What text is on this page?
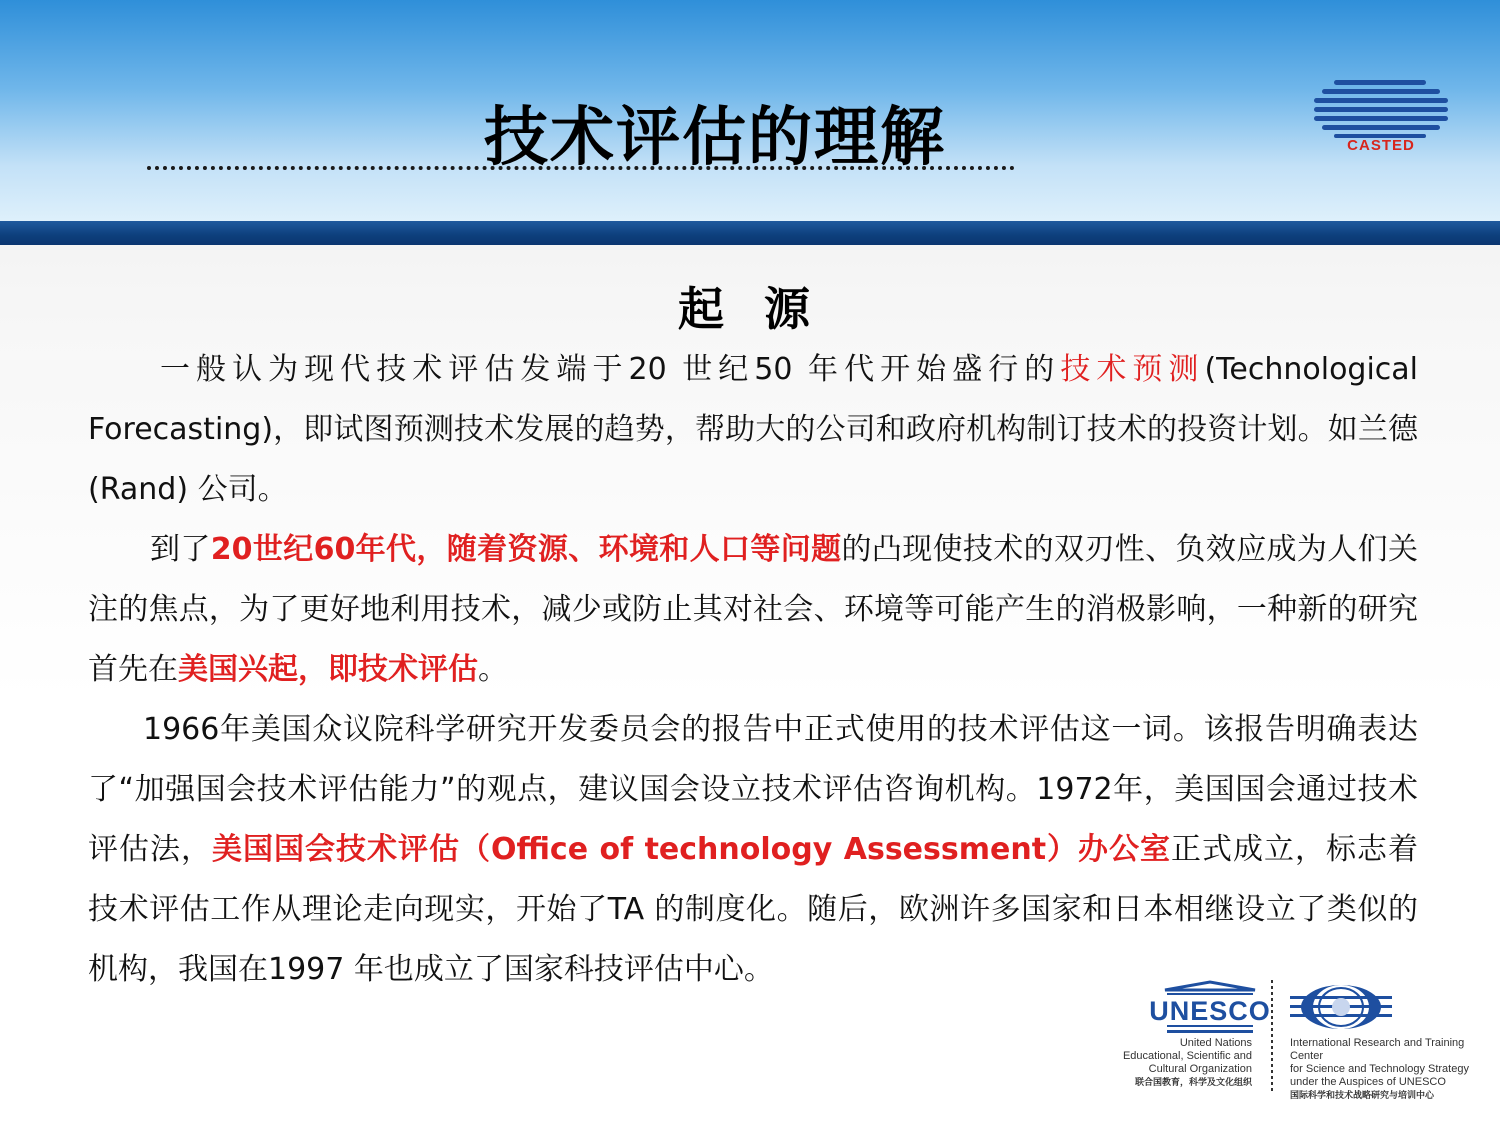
技术评估的理解	CASTED
起 源

一般认为现代技术评估发端于20 世纪50 年代开始盛行的技术预测(Technological Forecasting)，即试图预测技术发展的趋势，帮助大的公司和政府机构制订技术的投资计划。如兰德(Rand) 公司。

到了20世纪60年代，随着资源、环境和人口等问题的凸现使技术的双刃性、负效应成为人们关注的焦点，为了更好地利用技术，减少或防止其对社会、环境等可能产生的消极影响，一种新的研究首先在美国兴起，即技术评估。

1966年美国众议院科学研究开发委员会的报告中正式使用的技术评估这一词。该报告明确表达了“加强国会技术评估能力”的观点，建议国会设立技术评估咨询机构。1972年，美国国会通过技术评估法，美国国会技术评估（Office of technology Assessment）办公室正式成立，标志着技术评估工作从理论走向现实，开始了TA 的制度化。随后，欧洲许多国家和日本相继设立了类似的机构，我国在1997 年也成立了国家科技评估中心。

UNESCO
United Nations
Educational, Scientific and
Cultural Organization
联合国教育，科学及文化组织
International Research and Training Center
for Science and Technology Strategy
under the Auspices of UNESCO
国际科学和技术战略研究与培训中心
